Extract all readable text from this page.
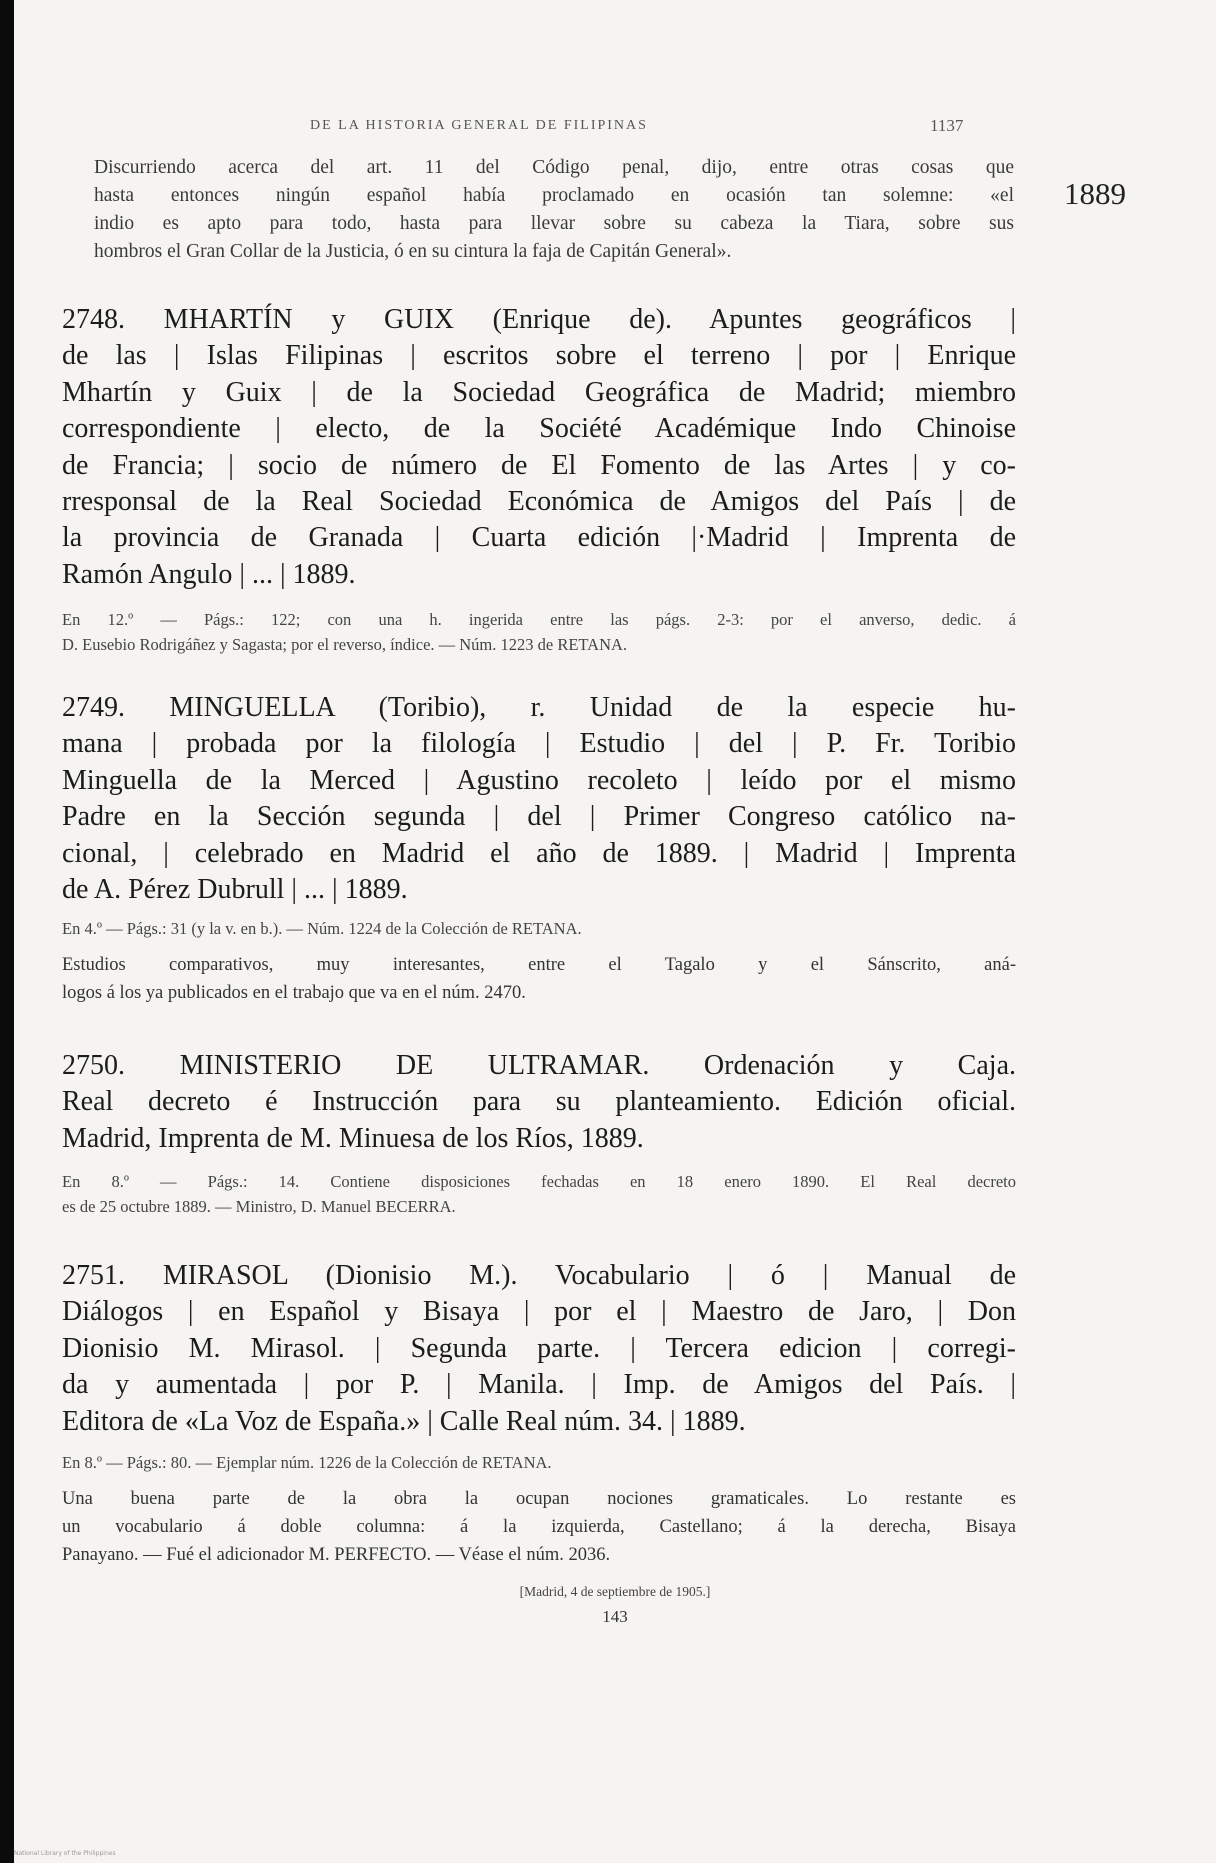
DE LA HISTORIA GENERAL DE FILIPINAS	1137
1889
Discurriendo acerca del art. 11 del Código penal, dijo, entre otras cosas que
hasta entonces ningún español había proclamado en ocasión tan solemne: «el
indio es apto para todo, hasta para llevar sobre su cabeza la Tiara, sobre sus
hombros el Gran Collar de la Justicia, ó en su cintura la faja de Capitán General».
2748. MHARTÍN y GUIX (Enrique de). Apuntes geográficos |
de las | Islas Filipinas | escritos sobre el terreno | por | Enrique
Mhartín y Guix | de la Sociedad Geográfica de Madrid; miembro
correspondiente | electo, de la Société Académique Indo Chinoise
de Francia; | socio de número de El Fomento de las Artes | y co-
rresponsal de la Real Sociedad Económica de Amigos del País | de
la provincia de Granada | Cuarta edición |·Madrid | Imprenta de
Ramón Angulo | ... | 1889.
En 12.º — Págs.: 122; con una h. ingerida entre las págs. 2-3: por el anverso, dedic. á
D. Eusebio Rodrigáñez y Sagasta; por el reverso, índice. — Núm. 1223 de RETANA.
2749. MINGUELLA (Toribio), r. Unidad de la especie hu-
mana | probada por la filología | Estudio | del | P. Fr. Toribio
Minguella de la Merced | Agustino recoleto | leído por el mismo
Padre en la Sección segunda | del | Primer Congreso católico na-
cional, | celebrado en Madrid el año de 1889. | Madrid | Imprenta
de A. Pérez Dubrull | ... | 1889.
En 4.º — Págs.: 31 (y la v. en b.). — Núm. 1224 de la Colección de RETANA.
Estudios comparativos, muy interesantes, entre el Tagalo y el Sánscrito, aná-
logos á los ya publicados en el trabajo que va en el núm. 2470.
2750. MINISTERIO DE ULTRAMAR. Ordenación y Caja.
Real decreto é Instrucción para su planteamiento. Edición oficial.
Madrid, Imprenta de M. Minuesa de los Ríos, 1889.
En 8.º — Págs.: 14. Contiene disposiciones fechadas en 18 enero 1890. El Real decreto
es de 25 octubre 1889. — Ministro, D. Manuel BECERRA.
2751. MIRASOL (Dionisio M.). Vocabulario | ó | Manual de
Diálogos | en Español y Bisaya | por el | Maestro de Jaro, | Don
Dionisio M. Mirasol. | Segunda parte. | Tercera edicion | corregi-
da y aumentada | por P. | Manila. | Imp. de Amigos del País. |
Editora de «La Voz de España.» | Calle Real núm. 34. | 1889.
En 8.º — Págs.: 80. — Ejemplar núm. 1226 de la Colección de RETANA.
Una buena parte de la obra la ocupan nociones gramaticales. Lo restante es
un vocabulario á doble columna: á la izquierda, Castellano; á la derecha, Bisaya
Panayano. — Fué el adicionador M. PERFECTO. — Véase el núm. 2036.
[Madrid, 4 de septiembre de 1905.]
143
National Library of the Philippines
